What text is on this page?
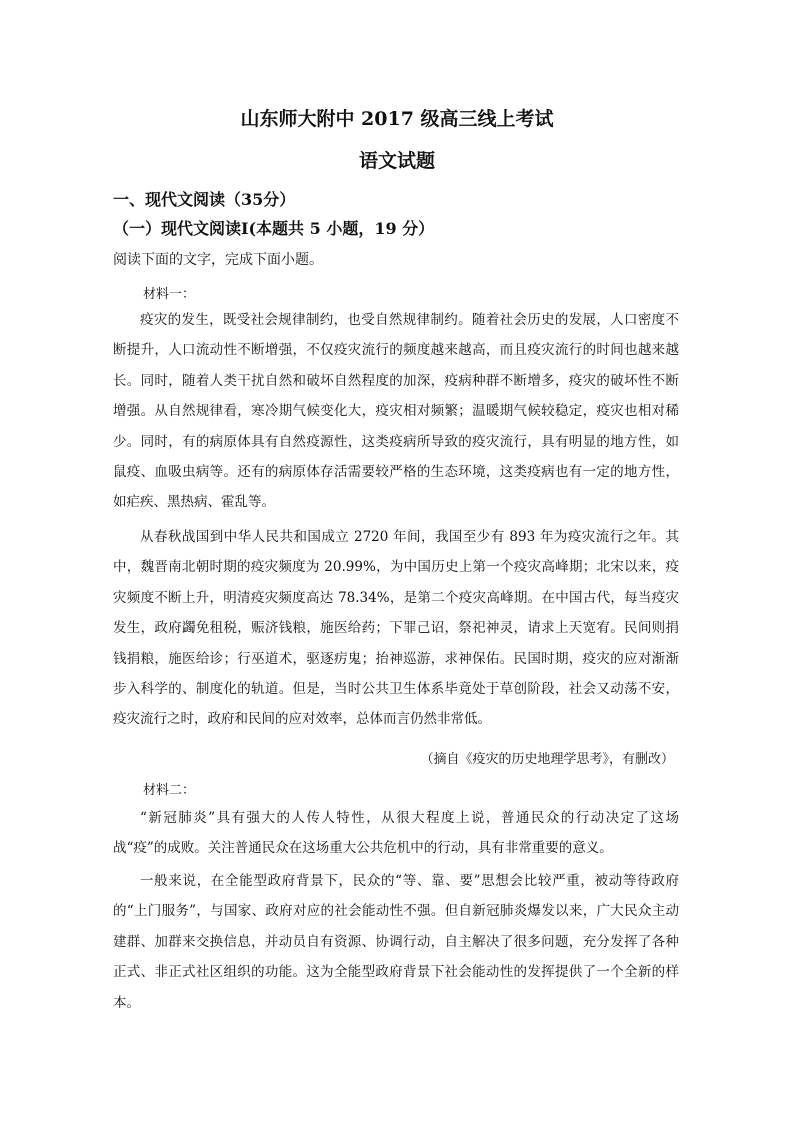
山东师大附中 2017 级高三线上考试
语文试题
一、现代文阅读（35分）
（一）现代文阅读Ⅰ(本题共 5 小题，19 分）
阅读下面的文字，完成下面小题。
材料一：

疫灾的发生，既受社会规律制约，也受自然规律制约。随着社会历史的发展，人口密度不断提升，人口流动性不断增强，不仅疫灾流行的频度越来越高，而且疫灾流行的时间也越来越长。同时，随着人类干扰自然和破坏自然程度的加深，疫病种群不断增多，疫灾的破坏性不断增强。从自然规律看，寒冷期气候变化大，疫灾相对频繁；温暖期气候较稳定，疫灾也相对稀少。同时，有的病原体具有自然疫源性，这类疫病所导致的疫灾流行，具有明显的地方性，如鼠疫、血吸虫病等。还有的病原体存活需要较严格的生态环境，这类疫病也有一定的地方性，如疟疾、黑热病、霍乱等。

从春秋战国到中华人民共和国成立 2720 年间，我国至少有 893 年为疫灾流行之年。其中，魏晋南北朝时期的疫灾频度为 20.99%，为中国历史上第一个疫灾高峰期；北宋以来，疫灾频度不断上升，明清疫灾频度高达 78.34%，是第二个疫灾高峰期。在中国古代，每当疫灾发生，政府蠲免租税，赈济钱粮，施医给药；下罪己诏，祭祀神灵，请求上天宽宥。民间则捐钱捐粮，施医给诊；行巫道术，驱逐疠鬼；抬神巡游，求神保佑。民国时期，疫灾的应对渐渐步入科学的、制度化的轨道。但是，当时公共卫生体系毕竟处于草创阶段，社会又动荡不安，疫灾流行之时，政府和民间的应对效率，总体而言仍然非常低。

（摘自《疫灾的历史地理学思考》，有删改）
材料二：

“新冠肺炎”具有强大的人传人特性，从很大程度上说，普通民众的行动决定了这场战“疫”的成败。关注普通民众在这场重大公共危机中的行动，具有非常重要的意义。

一般来说，在全能型政府背景下，民众的“等、靠、要”思想会比较严重，被动等待政府的“上门服务”，与国家、政府对应的社会能动性不强。但自新冠肺炎爆发以来，广大民众主动建群、加群来交换信息，并动员自有资源、协调行动，自主解决了很多问题，充分发挥了各种正式、非正式社区组织的功能。这为全能型政府背景下社会能动性的发挥提供了一个全新的样本。
